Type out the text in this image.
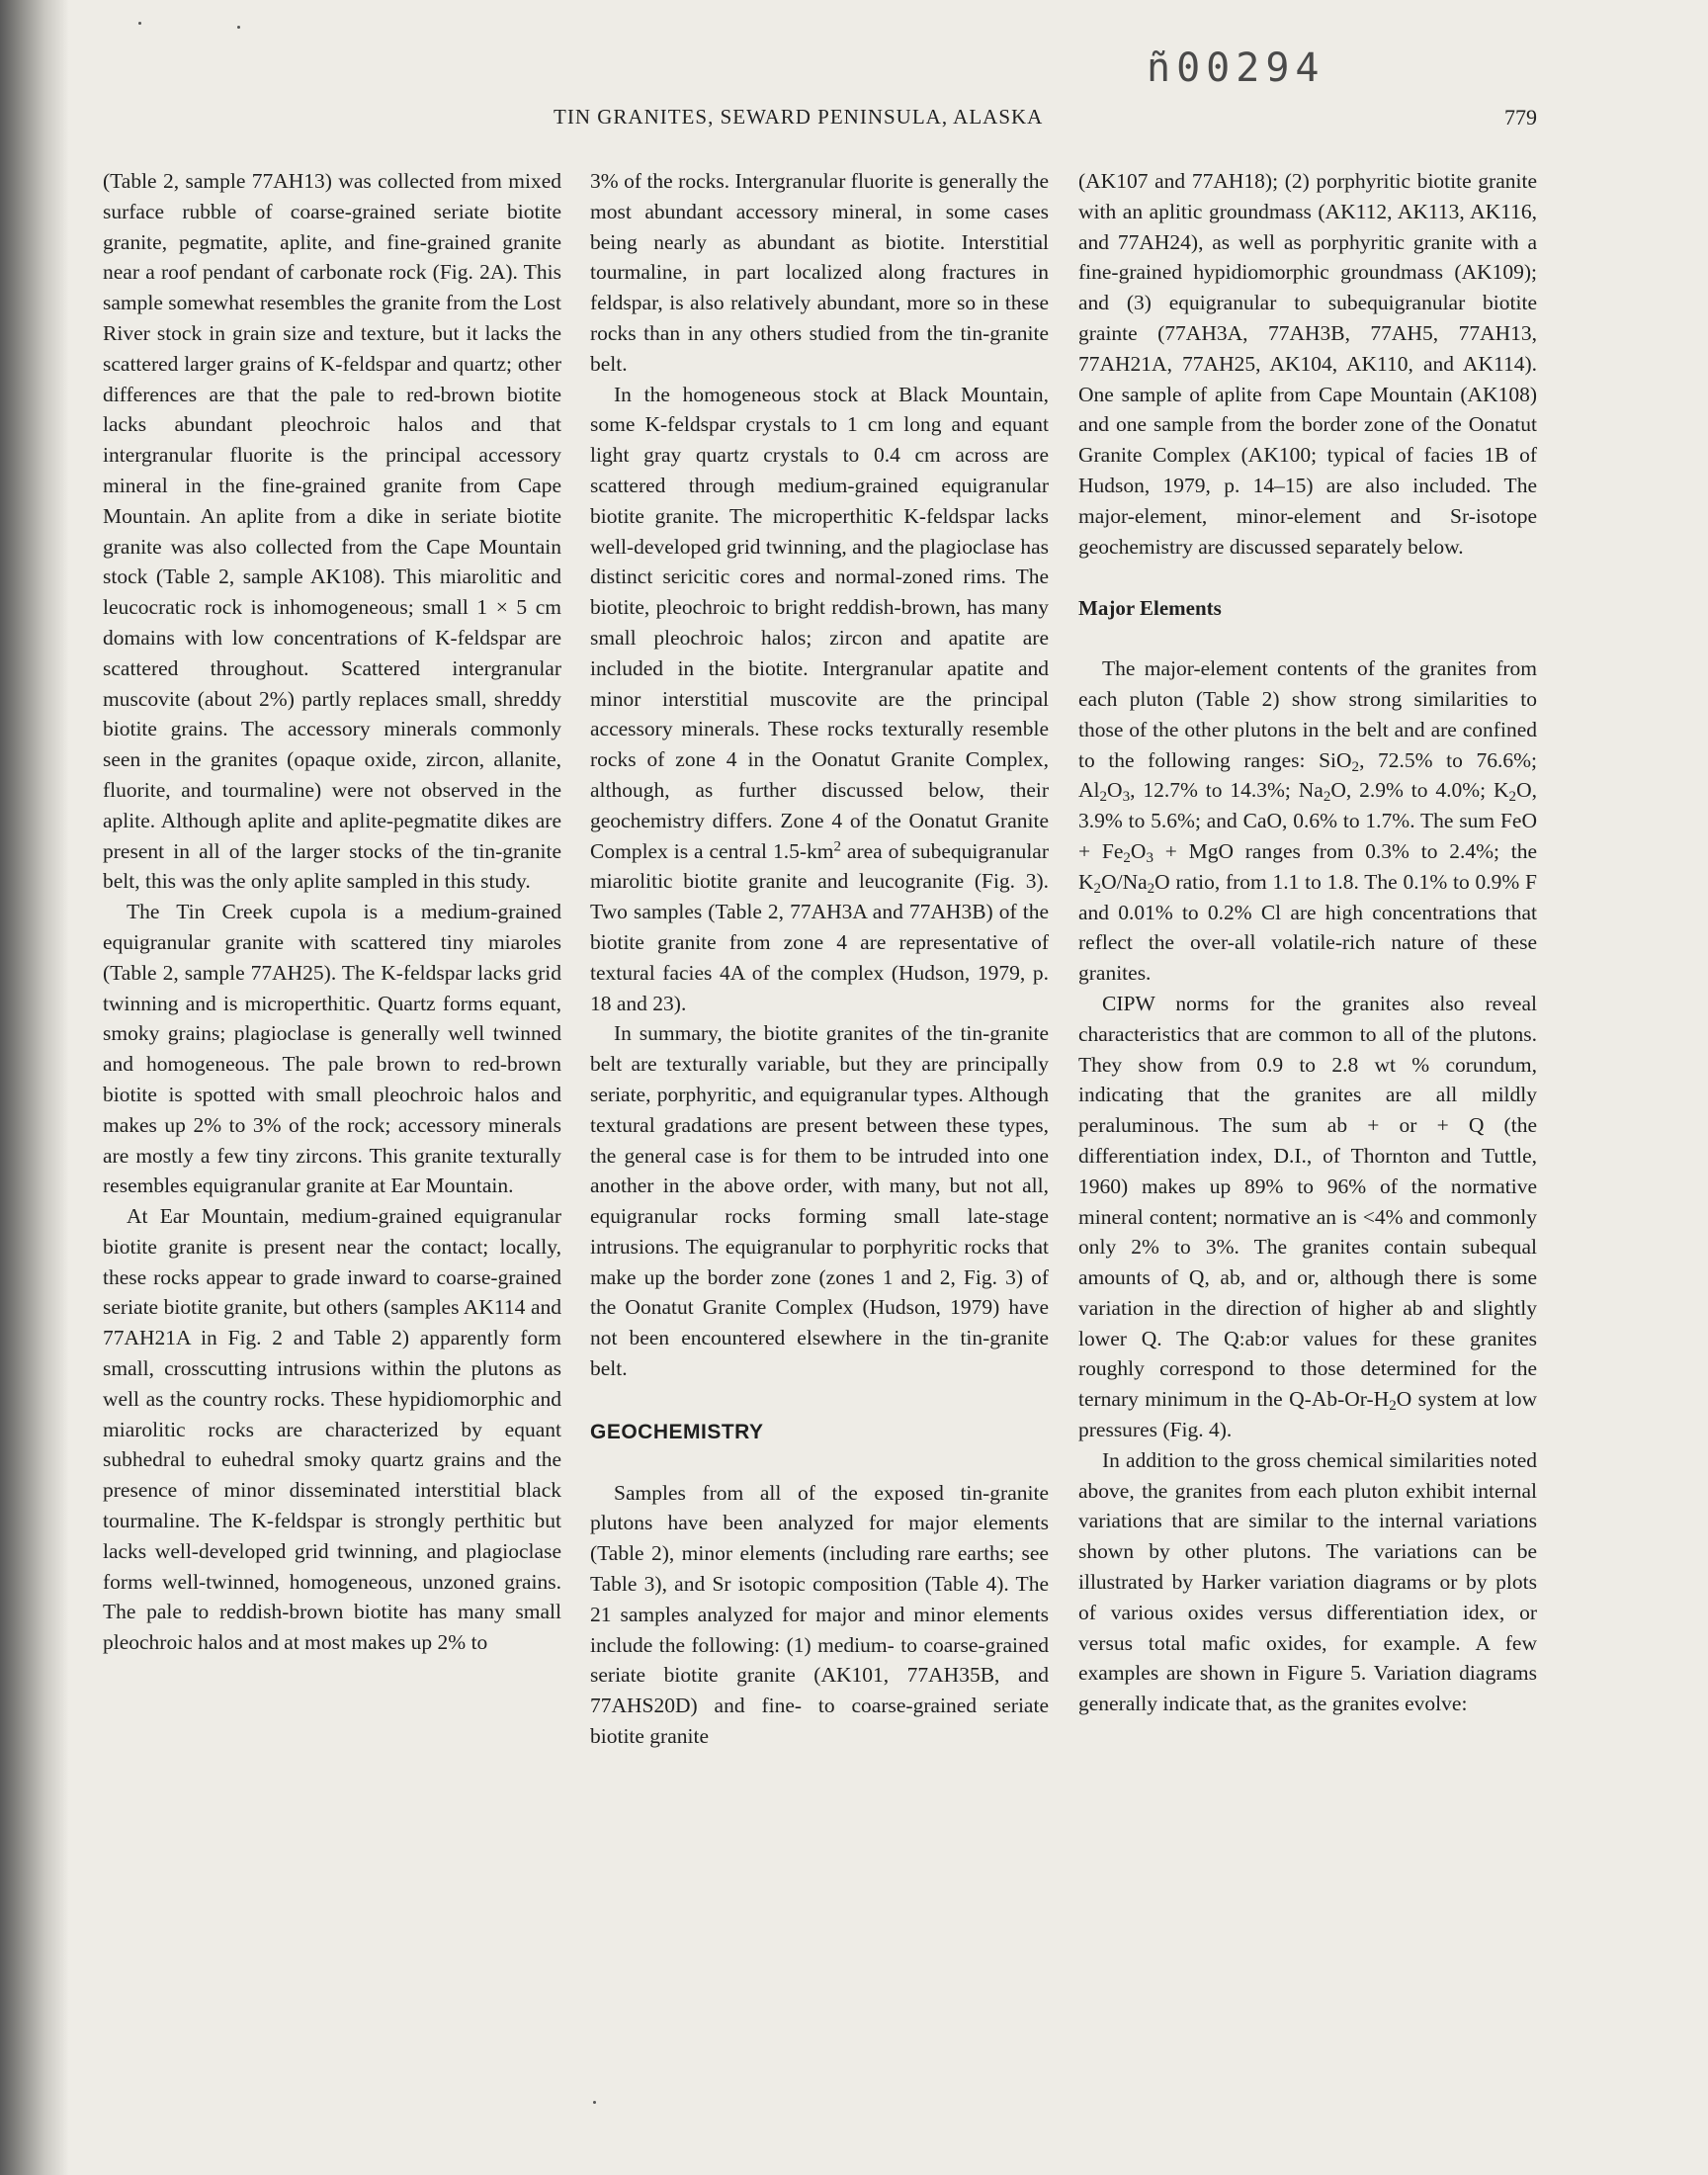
ñ00294
TIN GRANITES, SEWARD PENINSULA, ALASKA	779

(Table 2, sample 77AH13) was collected from mixed surface rubble of coarse-grained seriate biotite granite, pegmatite, aplite, and fine-grained granite near a roof pendant of carbonate rock (Fig. 2A). This sample somewhat resembles the granite from the Lost River stock in grain size and texture, but it lacks the scattered larger grains of K-feldspar and quartz; other differences are that the pale to red-brown biotite lacks abundant pleochroic halos and that intergranular fluorite is the principal accessory mineral in the fine-grained granite from Cape Mountain. An aplite from a dike in seriate biotite granite was also collected from the Cape Mountain stock (Table 2, sample AK108). This miarolitic and leucocratic rock is inhomogeneous; small 1 × 5 cm domains with low concentrations of K-feldspar are scattered throughout. Scattered intergranular muscovite (about 2%) partly replaces small, shreddy biotite grains. The accessory minerals commonly seen in the granites (opaque oxide, zircon, allanite, fluorite, and tourmaline) were not observed in the aplite. Although aplite and aplite-pegmatite dikes are present in all of the larger stocks of the tin-granite belt, this was the only aplite sampled in this study.

The Tin Creek cupola is a medium-grained equigranular granite with scattered tiny miaroles (Table 2, sample 77AH25). The K-feldspar lacks grid twinning and is microperthitic. Quartz forms equant, smoky grains; plagioclase is generally well twinned and homogeneous. The pale brown to red-brown biotite is spotted with small pleochroic halos and makes up 2% to 3% of the rock; accessory minerals are mostly a few tiny zircons. This granite texturally resembles equigranular granite at Ear Mountain.

At Ear Mountain, medium-grained equigranular biotite granite is present near the contact; locally, these rocks appear to grade inward to coarse-grained seriate biotite granite, but others (samples AK114 and 77AH21A in Fig. 2 and Table 2) apparently form small, crosscutting intrusions within the plutons as well as the country rocks. These hypidiomorphic and miarolitic rocks are characterized by equant subhedral to euhedral smoky quartz grains and the presence of minor disseminated interstitial black tourmaline. The K-feldspar is strongly perthitic but lacks well-developed grid twinning, and plagioclase forms well-twinned, homogeneous, unzoned grains. The pale to reddish-brown biotite has many small pleochroic halos and at most makes up 2% to

3% of the rocks. Intergranular fluorite is generally the most abundant accessory mineral, in some cases being nearly as abundant as biotite. Interstitial tourmaline, in part localized along fractures in feldspar, is also relatively abundant, more so in these rocks than in any others studied from the tin-granite belt.

In the homogeneous stock at Black Mountain, some K-feldspar crystals to 1 cm long and equant light gray quartz crystals to 0.4 cm across are scattered through medium-grained equigranular biotite granite. The microperthitic K-feldspar lacks well-developed grid twinning, and the plagioclase has distinct sericitic cores and normal-zoned rims. The biotite, pleochroic to bright reddish-brown, has many small pleochroic halos; zircon and apatite are included in the biotite. Intergranular apatite and minor interstitial muscovite are the principal accessory minerals. These rocks texturally resemble rocks of zone 4 in the Oonatut Granite Complex, although, as further discussed below, their geochemistry differs. Zone 4 of the Oonatut Granite Complex is a central $1.5-km^2$ area of subequigranular miarolitic biotite granite and leucogranite (Fig. 3). Two samples (Table 2, 77AH3A and 77AH3B) of the biotite granite from zone 4 are representative of textural facies 4A of the complex (Hudson, 1979, p. 18 and 23).

In summary, the biotite granites of the tin-granite belt are texturally variable, but they are principally seriate, porphyritic, and equigranular types. Although textural gradations are present between these types, the general case is for them to be intruded into one another in the above order, with many, but not all, equigranular rocks forming small late-stage intrusions. The equigranular to porphyritic rocks that make up the border zone (zones 1 and 2, Fig. 3) of the Oonatut Granite Complex (Hudson, 1979) have not been encountered elsewhere in the tin-granite belt.

GEOCHEMISTRY

Samples from all of the exposed tin-granite plutons have been analyzed for major elements (Table 2), minor elements (including rare earths; see Table 3), and Sr isotopic composition (Table 4). The 21 samples analyzed for major and minor elements include the following: (1) medium- to coarse-grained seriate biotite granite (AK101, 77AH35B, and 77AHS20D) and fine- to coarse-grained seriate biotite granite

(AK107 and 77AH18); (2) porphyritic biotite granite with an aplitic groundmass (AK112, AK113, AK116, and 77AH24), as well as porphyritic granite with a fine-grained hypidiomorphic groundmass (AK109); and (3) equigranular to subequigranular biotite grainte (77AH3A, 77AH3B, 77AH5, 77AH13, 77AH21A, 77AH25, AK104, AK110, and AK114). One sample of aplite from Cape Mountain (AK108) and one sample from the border zone of the Oonatut Granite Complex (AK100; typical of facies 1B of Hudson, 1979, p. 14–15) are also included. The major-element, minor-element and Sr-isotope geochemistry are discussed separately below.

Major Elements

The major-element contents of the granites from each pluton (Table 2) show strong similarities to those of the other plutons in the belt and are confined to the following ranges: SiO$_2$, 72.5% to 76.6%; $Al_2O_3$, 12.7% to 14.3%; $Na_2O$, 2.9% to 4.0%; $K_2O$, 3.9% to 5.6%; and CaO, 0.6% to 1.7%. The sum FeO + $Fe_2O_3$ + MgO ranges from 0.3% to 2.4%; the $K_2O/Na_2O$ ratio, from 1.1 to 1.8. The 0.1% to 0.9% F and 0.01% to 0.2% Cl are high concentrations that reflect the over-all volatile-rich nature of these granites.

CIPW norms for the granites also reveal characteristics that are common to all of the plutons. They show from 0.9 to 2.8 wt % corundum, indicating that the granites are all mildly peraluminous. The sum ab + or + Q (the differentiation index, D.I., of Thornton and Tuttle, 1960) makes up 89% to 96% of the normative mineral content; normative an is <4% and commonly only 2% to 3%. The granites contain subequal amounts of Q, ab, and or, although there is some variation in the direction of higher ab and slightly lower Q. The Q:ab:or values for these granites roughly correspond to those determined for the ternary minimum in the $Q-Ab-Or-H_2O$ system at low pressures (Fig. 4).

In addition to the gross chemical similarities noted above, the granites from each pluton exhibit internal variations that are similar to the internal variations shown by other plutons. The variations can be illustrated by Harker variation diagrams or by plots of various oxides versus differentiation idex, or versus total mafic oxides, for example. A few examples are shown in Figure 5. Variation diagrams generally indicate that, as the granites evolve:
